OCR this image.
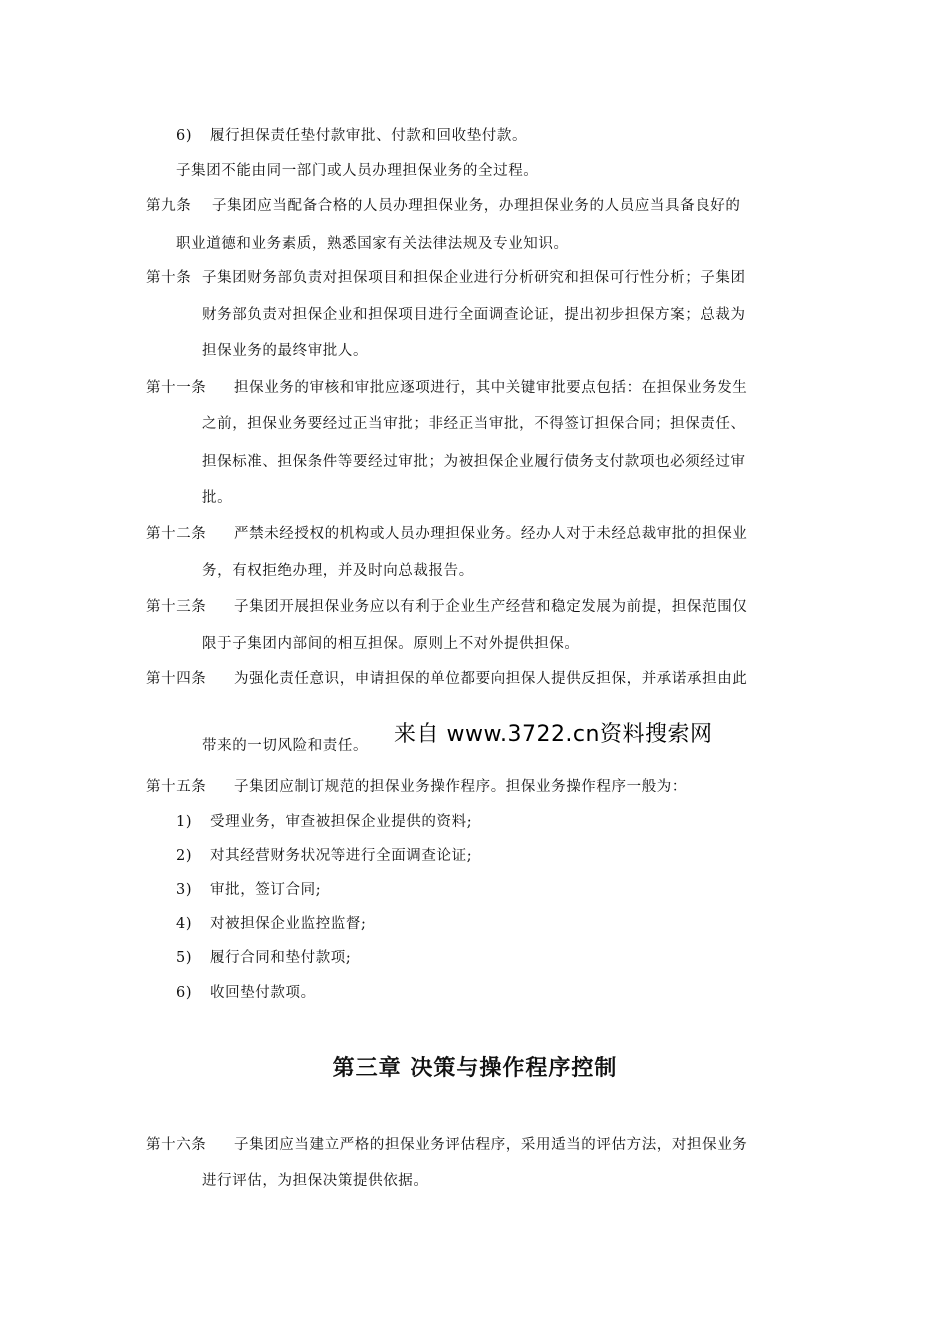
6) 履行担保责任垫付款审批、付款和回收垫付款。
子集团不能由同一部门或人员办理担保业务的全过程。
第九条 子集团应当配备合格的人员办理担保业务，办理担保业务的人员应当具备良好的
职业道德和业务素质，熟悉国家有关法律法规及专业知识。
第十条 子集团财务部负责对担保项目和担保企业进行分析研究和担保可行性分析；子集团
财务部负责对担保企业和担保项目进行全面调查论证，提出初步担保方案；总裁为
担保业务的最终审批人。
第十一条 担保业务的审核和审批应逐项进行，其中关键审批要点包括：在担保业务发生
之前，担保业务要经过正当审批；非经正当审批，不得签订担保合同；担保责任、
担保标准、担保条件等要经过审批；为被担保企业履行债务支付款项也必须经过审
批。
第十二条 严禁未经授权的机构或人员办理担保业务。经办人对于未经总裁审批的担保业
务，有权拒绝办理，并及时向总裁报告。
第十三条 子集团开展担保业务应以有利于企业生产经营和稳定发展为前提，担保范围仅
限于子集团内部间的相互担保。原则上不对外提供担保。
第十四条 为强化责任意识，申请担保的单位都要向担保人提供反担保，并承诺承担由此
带来的一切风险和责任。 来自 www.3722.cn资料搜索网
第十五条 子集团应制订规范的担保业务操作程序。担保业务操作程序一般为：
1) 受理业务，审查被担保企业提供的资料;
2) 对其经营财务状况等进行全面调查论证;
3) 审批，签订合同;
4) 对被担保企业监控监督;
5) 履行合同和垫付款项;
6) 收回垫付款项。
第三章 决策与操作程序控制
第十六条 子集团应当建立严格的担保业务评估程序，采用适当的评估方法，对担保业务
进行评估，为担保决策提供依据。
